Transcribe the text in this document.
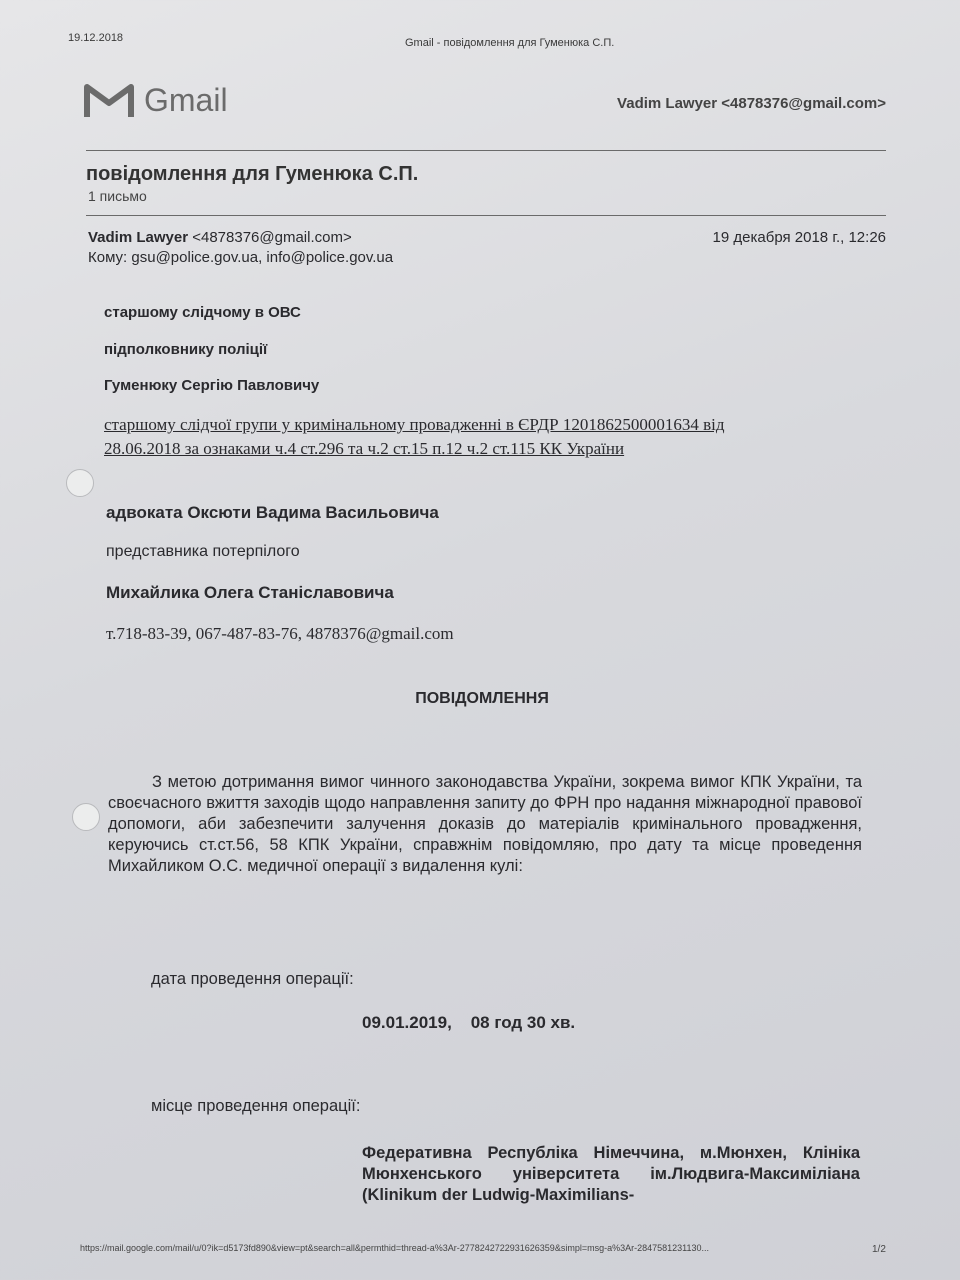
19.12.2018	Gmail - повідомлення для Гуменюка С.П.
Gmail	Vadim Lawyer <4878376@gmail.com>
повідомлення для Гуменюка С.П.
1 письмо
Vadim Lawyer <4878376@gmail.com>	19 декабря 2018 г., 12:26
Кому: gsu@police.gov.ua, info@police.gov.ua
старшому слідчому в ОВС
підполковнику поліції
Гуменюку Сергію Павловичу
старшому слідчої групи у кримінальному провадженні в ЄРДР 1201862500001634 від
28.06.2018 за ознаками ч.4 ст.296 та ч.2 ст.15 п.12 ч.2 ст.115 КК України
адвоката Оксюти Вадима Васильовича
представника потерпілого
Михайлика Олега Станіславовича
т.718-83-39, 067-487-83-76, 4878376@gmail.com
ПОВІДОМЛЕННЯ
З метою дотримання вимог чинного законодавства України, зокрема вимог КПК України, та своєчасного вжиття заходів щодо направлення запиту до ФРН про надання міжнародної правової допомоги, аби забезпечити залучення доказів до матеріалів кримінального провадження, керуючись ст.ст.56, 58 КПК України, справжнім повідомляю, про дату та місце проведення Михайликом О.С. медичної операції з видалення кулі:
дата проведення операції:
09.01.2019,    08 год 30 хв.
місце проведення операції:
Федеративна Республіка Німеччина, м.Мюнхен, Клініка Мюнхенського університета ім.Людвига-Максиміліана (Klinikum der Ludwig-Maximilians-
https://mail.google.com/mail/u/0?ik=d5173fd890&view=pt&search=all&permthid=thread-a%3Ar-2778242722931626359&simpl=msg-a%3Ar-2847581231130...	1/2
